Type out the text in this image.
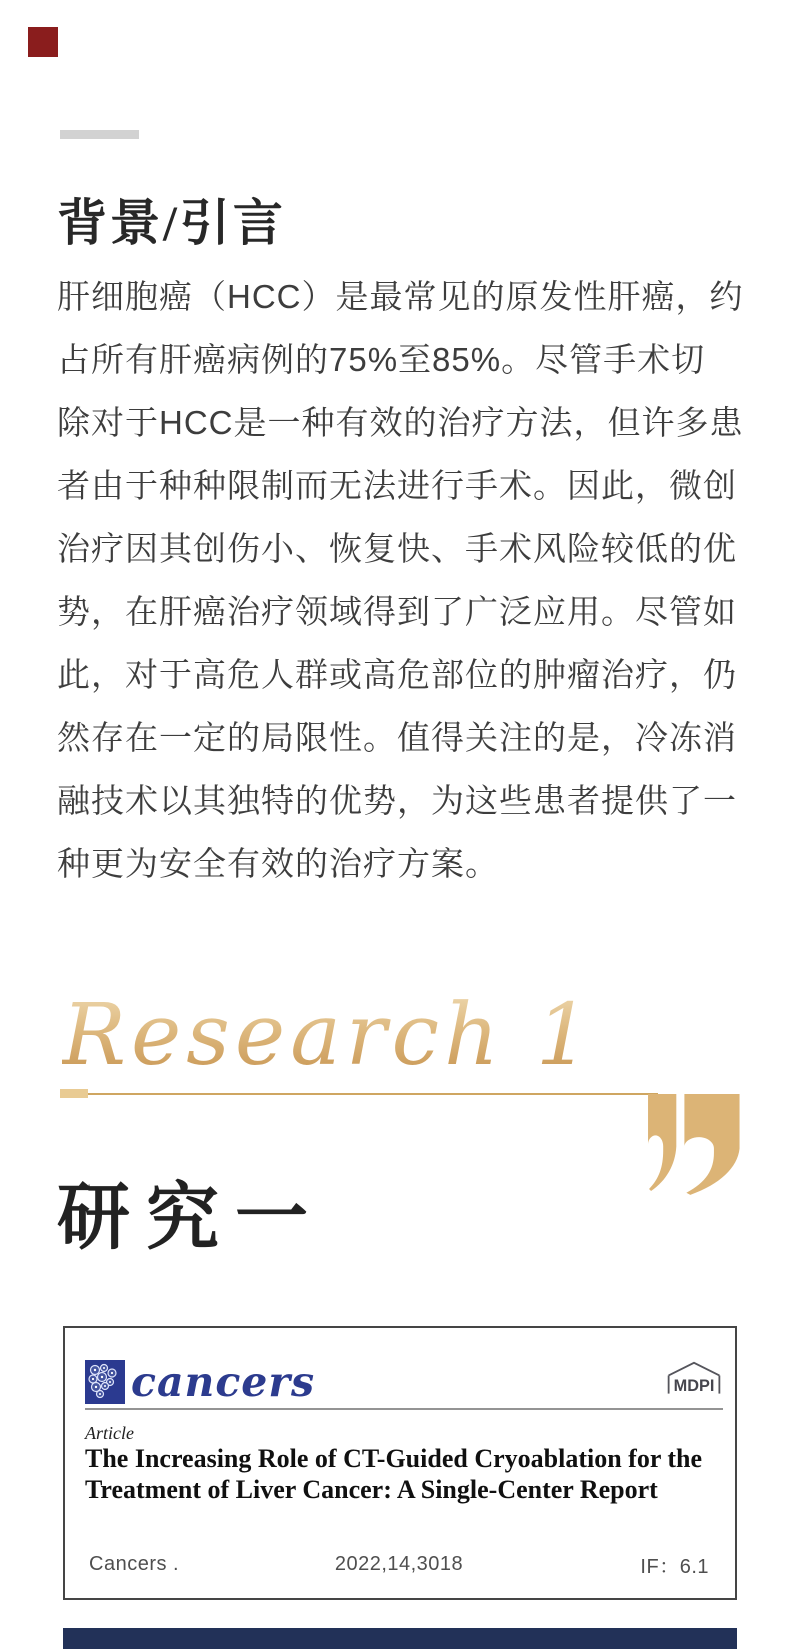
背景/引言
肝细胞癌（HCC）是最常见的原发性肝癌，约
占所有肝癌病例的75%至85%。尽管手术切
除对于HCC是一种有效的治疗方法，但许多患
者由于种种限制而无法进行手术。因此，微创
治疗因其创伤小、恢复快、手术风险较低的优
势，在肝癌治疗领域得到了广泛应用。尽管如
此，对于高危人群或高危部位的肿瘤治疗，仍
然存在一定的局限性。值得关注的是，冷冻消
融技术以其独特的优势，为这些患者提供了一
种更为安全有效的治疗方案。
Research 1
研究一
cancers	MDPI
Article
The Increasing Role of CT-Guided Cryoablation for the
Treatment of Liver Cancer: A Single-Center Report
Cancers .	2022,14,3018	IF：6.1
